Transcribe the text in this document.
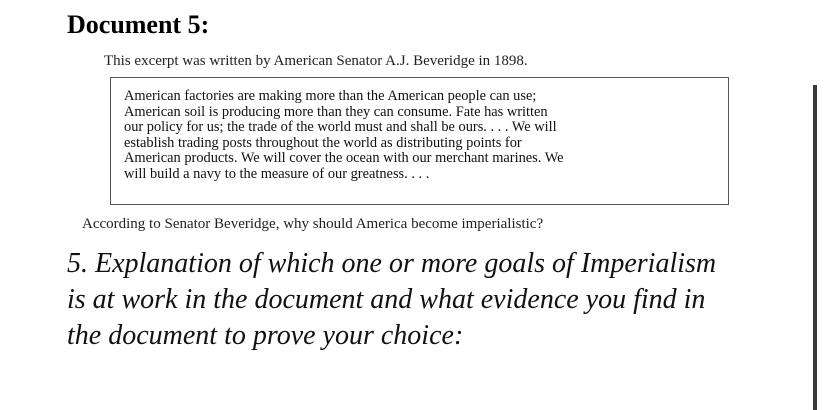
Document 5:
This excerpt was written by American Senator A.J. Beveridge in 1898.
American factories are making more than the American people can use;
American soil is producing more than they can consume. Fate has written
our policy for us; the trade of the world must and shall be ours. . . . We will
establish trading posts throughout the world as distributing points for
American products. We will cover the ocean with our merchant marines. We
will build a navy to the measure of our greatness. . . .
According to Senator Beveridge, why should America become imperialistic?
5. Explanation of which one or more goals of Imperialism
is at work in the document and what evidence you find in
the document to prove your choice:
